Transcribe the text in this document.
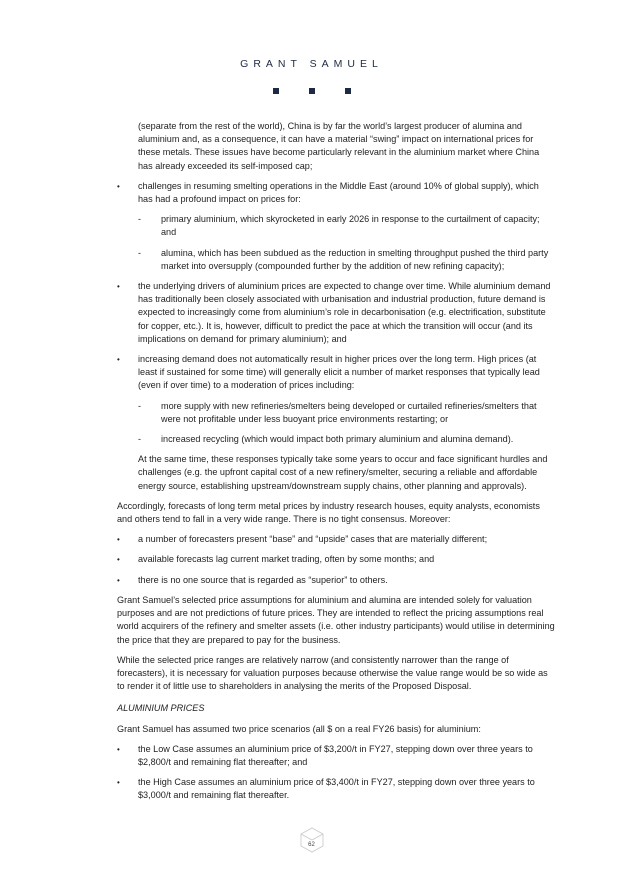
GRANT SAMUEL

(separate from the rest of the world), China is by far the world’s largest producer of alumina and aluminium and, as a consequence, it can have a material “swing” impact on international prices for these metals. These issues have become particularly relevant in the aluminium market where China has already exceeded its self-imposed cap;

• challenges in resuming smelting operations in the Middle East (around 10% of global supply), which has had a profound impact on prices for:

- primary aluminium, which skyrocketed in early 2026 in response to the curtailment of capacity; and

- alumina, which has been subdued as the reduction in smelting throughput pushed the third party market into oversupply (compounded further by the addition of new refining capacity);

• the underlying drivers of aluminium prices are expected to change over time. While aluminium demand has traditionally been closely associated with urbanisation and industrial production, future demand is expected to increasingly come from aluminium’s role in decarbonisation (e.g. electrification, substitute for copper, etc.). It is, however, difficult to predict the pace at which the transition will occur (and its implications on demand for primary aluminium); and

• increasing demand does not automatically result in higher prices over the long term. High prices (at least if sustained for some time) will generally elicit a number of market responses that typically lead (even if over time) to a moderation of prices including:

- more supply with new refineries/smelters being developed or curtailed refineries/smelters that were not profitable under less buoyant price environments restarting; or

- increased recycling (which would impact both primary aluminium and alumina demand).

At the same time, these responses typically take some years to occur and face significant hurdles and challenges (e.g. the upfront capital cost of a new refinery/smelter, securing a reliable and affordable energy source, establishing upstream/downstream supply chains, other planning and approvals).

Accordingly, forecasts of long term metal prices by industry research houses, equity analysts, economists and others tend to fall in a very wide range. There is no tight consensus. Moreover:

• a number of forecasters present “base” and “upside” cases that are materially different;

• available forecasts lag current market trading, often by some months; and

• there is no one source that is regarded as “superior” to others.

Grant Samuel’s selected price assumptions for aluminium and alumina are intended solely for valuation purposes and are not predictions of future prices. They are intended to reflect the pricing assumptions real world acquirers of the refinery and smelter assets (i.e. other industry participants) would utilise in determining the price that they are prepared to pay for the business.

While the selected price ranges are relatively narrow (and consistently narrower than the range of forecasters), it is necessary for valuation purposes because otherwise the value range would be so wide as to render it of little use to shareholders in analysing the merits of the Proposed Disposal.

ALUMINIUM PRICES

Grant Samuel has assumed two price scenarios (all $ on a real FY26 basis) for aluminium:

• the Low Case assumes an aluminium price of $3,200/t in FY27, stepping down over three years to $2,800/t and remaining flat thereafter; and

• the High Case assumes an aluminium price of $3,400/t in FY27, stepping down over three years to $3,000/t and remaining flat thereafter.

62
